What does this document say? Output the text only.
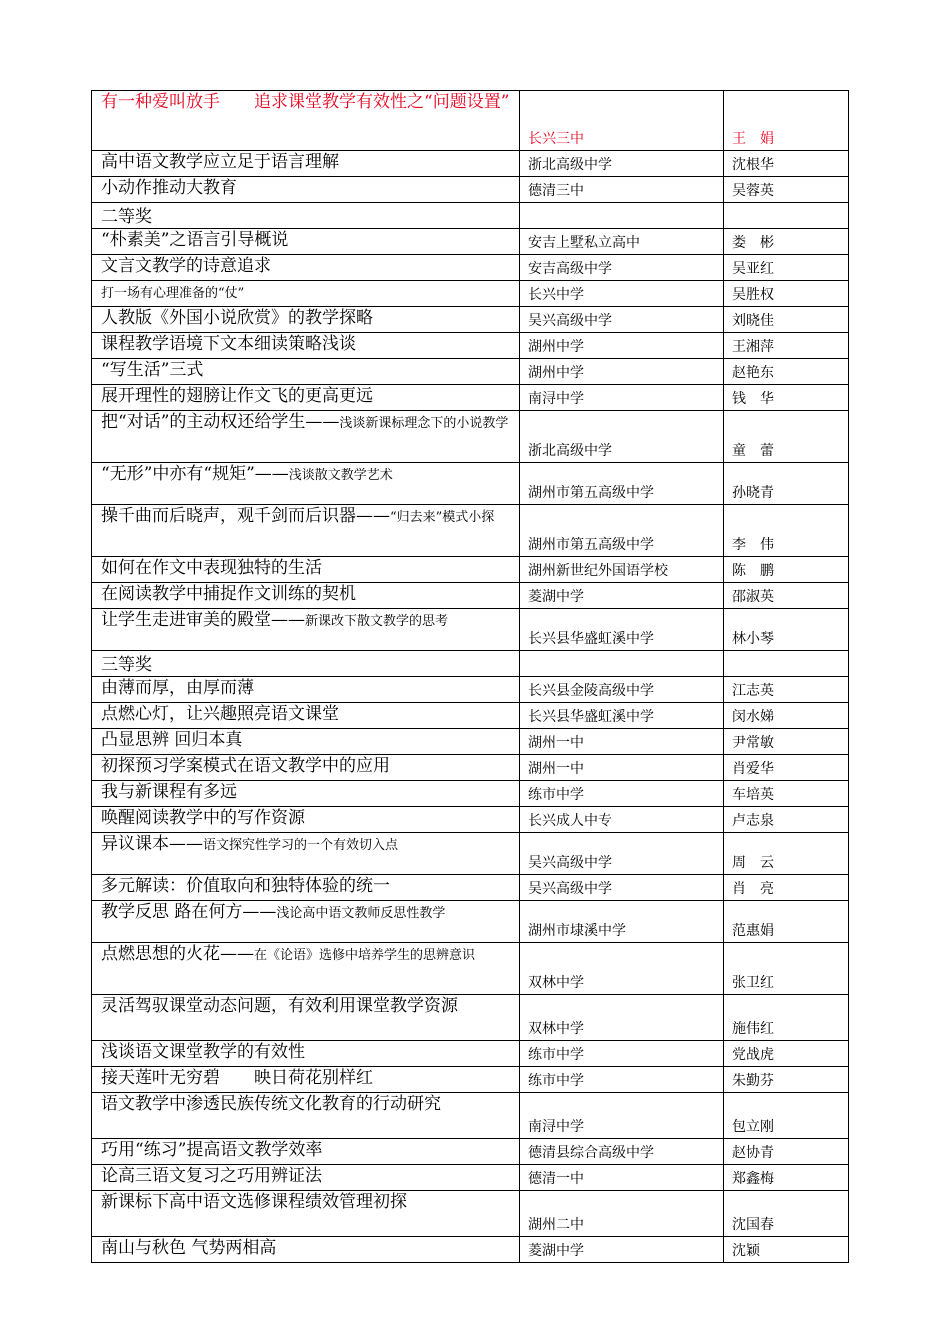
有一种爱叫放手　　追求课堂教学有效性之“问题设置”	长兴三中	王　娟

高中语文教学应立足于语言理解	浙北高级中学	沈根华

小动作推动大教育	德清三中	吴蓉英

二等奖		

“朴素美”之语言引导概说	安吉上墅私立高中	娄　彬

文言文教学的诗意追求	安吉高级中学	吴亚红

打一场有心理准备的“仗”	长兴中学	吴胜权

人教版《外国小说欣赏》的教学探略	吴兴高级中学	刘晓佳

课程教学语境下文本细读策略浅谈	湖州中学	王湘萍

“写生活”三式	湖州中学	赵艳东

展开理性的翅膀让作文飞的更高更远	南浔中学	钱　华

把“对话”的主动权还给学生——浅谈新课标理念下的小说教学	浙北高级中学	童　蕾

“无形”中亦有“规矩”——浅谈散文教学艺术	湖州市第五高级中学	孙晓青

操千曲而后晓声，观千剑而后识器——“归去来”模式小探	湖州市第五高级中学	李　伟

如何在作文中表现独特的生活	湖州新世纪外国语学校	陈　鹏

在阅读教学中捕捉作文训练的契机	菱湖中学	邵淑英

让学生走进审美的殿堂——新课改下散文教学的思考	长兴县华盛虹溪中学	林小琴

三等奖		

由薄而厚，由厚而薄	长兴县金陵高级中学	江志英

点燃心灯，让兴趣照亮语文课堂	长兴县华盛虹溪中学	闵水娣

凸显思辨 回归本真	湖州一中	尹常敏

初探预习学案模式在语文教学中的应用	湖州一中	肖爱华

我与新课程有多远	练市中学	车培英

唤醒阅读教学中的写作资源	长兴成人中专	卢志泉

异议课本——语文探究性学习的一个有效切入点	吴兴高级中学	周　云

多元解读：价值取向和独特体验的统一	吴兴高级中学	肖　亮

教学反思 路在何方——浅论高中语文教师反思性教学	湖州市埭溪中学	范惠娟

点燃思想的火花——在《论语》选修中培养学生的思辨意识	双林中学	张卫红

灵活驾驭课堂动态问题，有效利用课堂教学资源	双林中学	施伟红

浅谈语文课堂教学的有效性	练市中学	党战虎

接天莲叶无穷碧　　映日荷花别样红	练市中学	朱勤芬

语文教学中渗透民族传统文化教育的行动研究	南浔中学	包立刚

巧用“练习”提高语文教学效率	德清县综合高级中学	赵协青

论高三语文复习之巧用辨证法	德清一中	郑鑫梅

新课标下高中语文选修课程绩效管理初探	湖州二中	沈国春

南山与秋色 气势两相高	菱湖中学	沈颖
